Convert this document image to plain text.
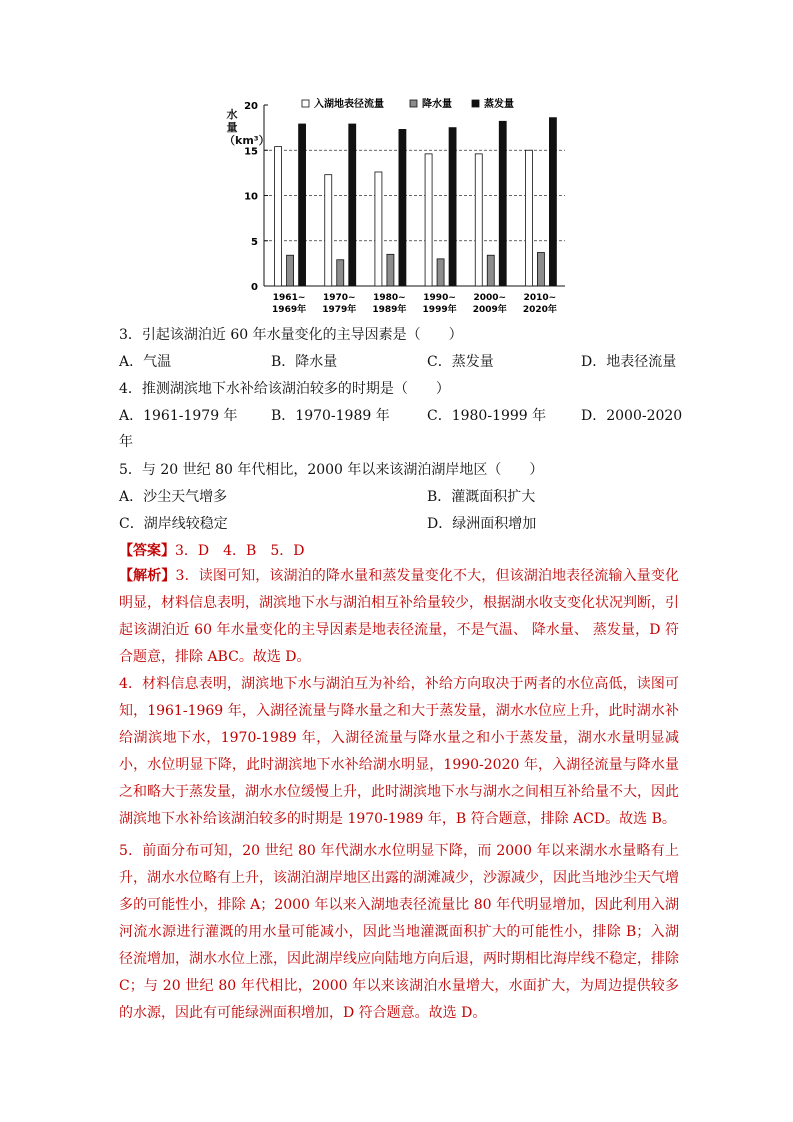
0
5
10
15
20
1961~
1969年
1970~
1979年
1980~
1989年
1990~
1999年
2000~
2009年
2010~
2020年
入湖地表径流量	降水量	蒸发量
水量（km³）
3．引起该湖泊近 60 年水量变化的主导因素是（　　）
A．气温	B．降水量	C．蒸发量	D．地表径流量
4．推测湖滨地下水补给该湖泊较多的时期是（　　）
A．1961-1979 年 B．1970-1989 年	C．1980-1999 年 D．2000-2020
年
5．与 20 世纪 80 年代相比，2000 年以来该湖泊湖岸地区（　　）
A．沙尘天气增多	B．灌溉面积扩大
C．湖岸线较稳定	D．绿洲面积增加
【答案】3．D　4．B　5．D
【解析】3．读图可知，该湖泊的降水量和蒸发量变化不大，但该湖泊地表径流输入量变化明显，材料信息表明，湖滨地下水与湖泊相互补给量较少，根据湖水收支变化状况判断，引起该湖泊近 60 年水量变化的主导因素是地表径流量，不是气温、 降水量、 蒸发量，D 符合题意，排除 ABC。故选 D。
4．材料信息表明，湖滨地下水与湖泊互为补给，补给方向取决于两者的水位高低，读图可知，1961-1969 年，入湖径流量与降水量之和大于蒸发量，湖水水位应上升，此时湖水补给湖滨地下水，1970-1989 年，入湖径流量与降水量之和小于蒸发量，湖水水量明显减小，水位明显下降，此时湖滨地下水补给湖水明显，1990-2020 年，入湖径流量与降水量之和略大于蒸发量，湖水水位缓慢上升，此时湖滨地下水与湖水之间相互补给量不大，因此湖滨地下水补给该湖泊较多的时期是 1970-1989 年，B 符合题意，排除 ACD。故选 B。
5．前面分布可知，20 世纪 80 年代湖水水位明显下降，而 2000 年以来湖水水量略有上升，湖水水位略有上升，该湖泊湖岸地区出露的湖滩减少，沙源减少，因此当地沙尘天气增多的可能性小，排除 A；2000 年以来入湖地表径流量比 80 年代明显增加，因此利用入湖河流水源进行灌溉的用水量可能减小，因此当地灌溉面积扩大的可能性小，排除 B；入湖径流增加，湖水水位上涨，因此湖岸线应向陆地方向后退，两时期相比海岸线不稳定，排除 C；与 20 世纪 80 年代相比，2000 年以来该湖泊水量增大，水面扩大，为周边提供较多的水源，因此有可能绿洲面积增加，D 符合题意。故选 D。
